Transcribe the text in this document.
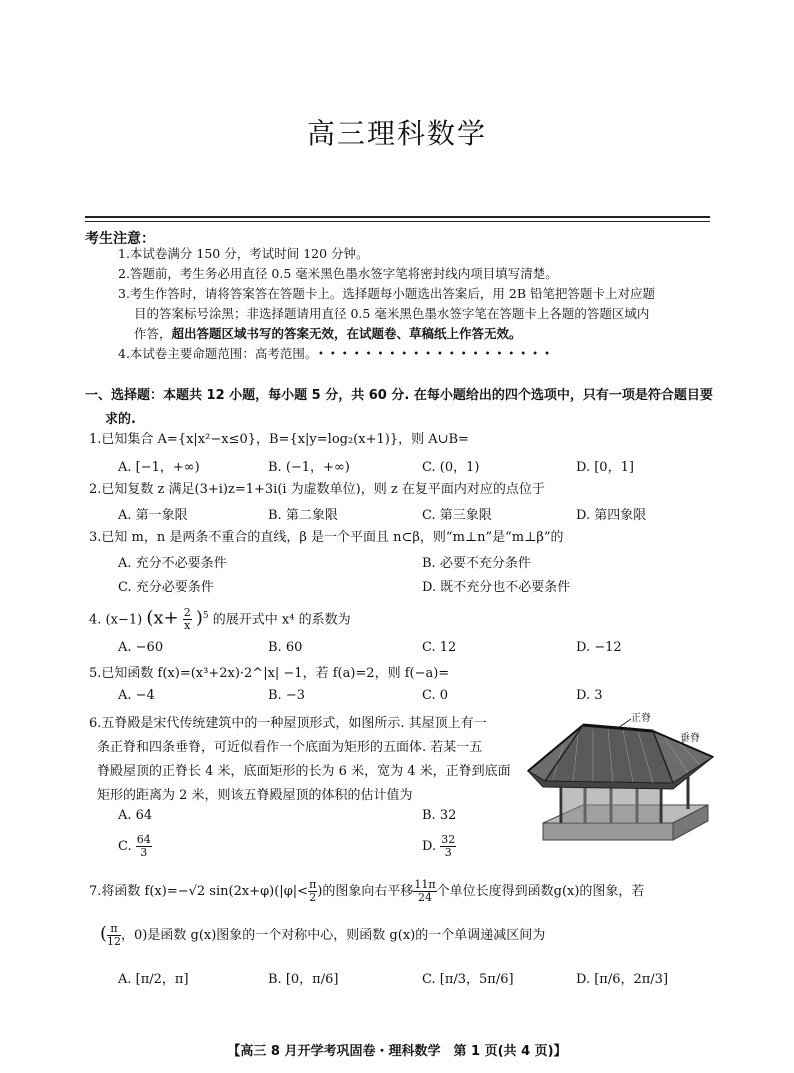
高三理科数学
考生注意：
1.本试卷满分 150 分，考试时间 120 分钟。
2.答题前，考生务必用直径 0.5 毫米黑色墨水签字笔将密封线内项目填写清楚。
3.考生作答时，请将答案答在答题卡上。选择题每小题选出答案后，用 2B 铅笔把答题卡上对应题
目的答案标号涂黑；非选择题请用直径 0.5 毫米黑色墨水签字笔在答题卡上各题的答题区域内
作答，超出答题区域书写的答案无效，在试题卷、草稿纸上作答无效。
4.本试卷主要命题范围：高考范围。 ••••••••••••••••••••
一、选择题：本题共 12 小题，每小题 5 分，共 60 分. 在每小题给出的四个选项中，只有一项是符合题目要
求的.
1.已知集合 A={x|x²−x≤0}，B={x|y=log₂(x+1)}，则 A∪B=
A. [−1，+∞)	B. (−1，+∞)	C. (0，1)	D. [0，1]
2.已知复数 z 满足(3+i)z=1+3i(i 为虚数单位)，则 z 在复平面内对应的点位于
A. 第一象限	B. 第二象限	C. 第三象限	D. 第四象限
3.已知 m，n 是两条不重合的直线，β 是一个平面且 n⊂β，则“m⊥n”是“m⊥β”的
A. 充分不必要条件	B. 必要不充分条件
C. 充分必要条件	D. 既不充分也不必要条件
4. (x−1) $(x+ \frac{2}{x} )^5$ 的展开式中 x⁴ 的系数为
A. −60	B. 60	C. 12	D. −12
5.已知函数 f(x)=(x³+2x)·2^|x| −1，若 f(a)=2，则 f(−a)=
A. −4	B. −3	C. 0	D. 3
6.五脊殿是宋代传统建筑中的一种屋顶形式，如图所示. 其屋顶上有一
条正脊和四条垂脊，可近似看作一个底面为矩形的五面体. 若某一五
脊殿屋顶的正脊长 4 米，底面矩形的长为 6 米，宽为 4 米，正脊到底面
矩形的距离为 2 米，则该五脊殿屋顶的体积的估计值为
A. 64	B. 32
C. $\frac{64}{3}$	D. $\frac{32}{3}$
正脊
垂脊
7.将函数 f(x)=−√2 $\sin(2x+\varphi)(|\varphi|< \frac{\pi}{2}$ )的图象向右平移 $\frac{11\pi}{24}$ 个单位长度得到函数g(x)的图象，若
( $\frac{\pi}{12}$ ，0)是函数 g(x)图象的一个对称中心，则函数 g(x)的一个单调递减区间为
A. [π/2，π]	B. [0，π/6]	C. [π/3，5π/6]	D. [π/6，2π/3]
【高三 8 月开学考巩固卷・理科数学　第 1 页(共 4 页)】
